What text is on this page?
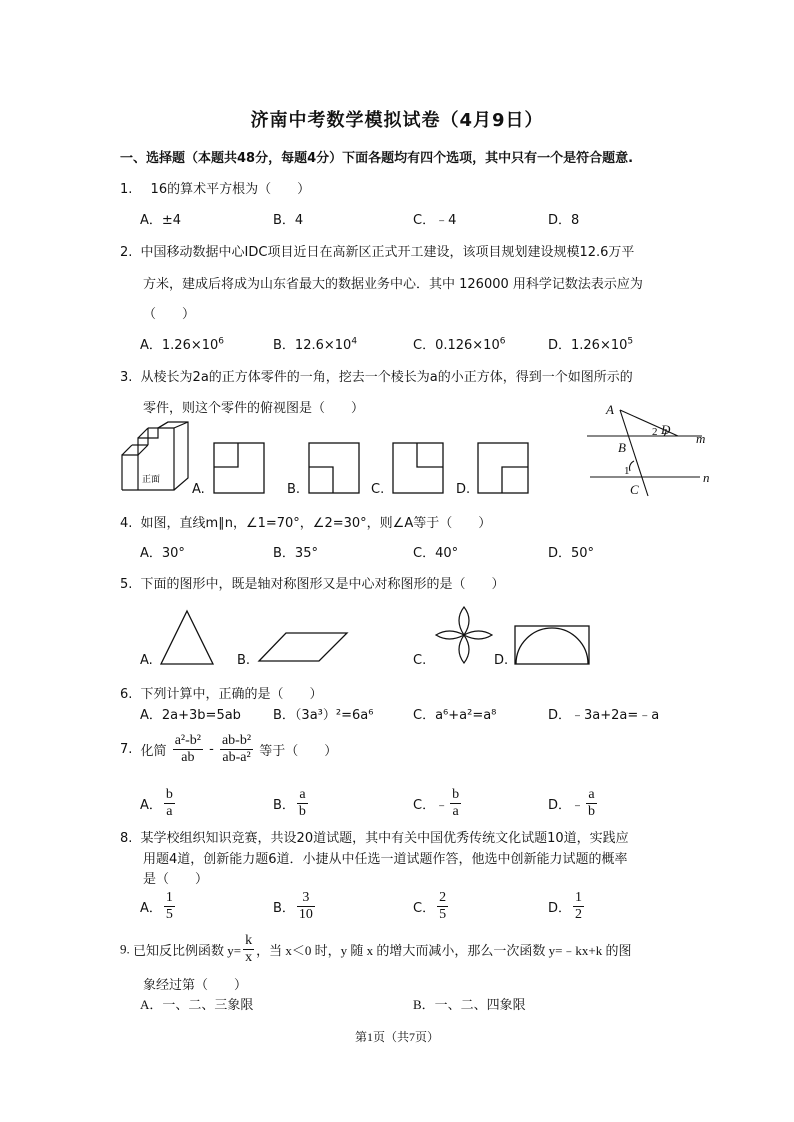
济南中考数学模拟试卷（4月9日）
一、选择题（本题共48分，每题4分）下面各题均有四个选项，其中只有一个是符合题意.
1. 16的算术平方根为（　　）
A．±4	B．4	C．﹣4	D．8
2. 中国移动数据中心IDC项目近日在高新区正式开工建设，该项目规划建设规模12.6万平
方米，建成后将成为山东省最大的数据业务中心．其中 126000 用科学记数法表示应为
（　　）
A．$1.26\times 10^6$	B．$12.6\times 10^4$	C．$0.126\times 10^6$	D．$1.26\times 10^5$
3. 从棱长为2a的正方体零件的一角，挖去一个棱长为a的小正方体，得到一个如图所示的
零件，则这个零件的俯视图是（　　）
正面
A.	B.	C.	D.
A
B
C
D
m
n
1
2
4. 如图，直线m∥n，∠1=70°，∠2=30°，则∠A等于（　　）
A．30°	B．35°	C．40°	D．50°
5. 下面的图形中，既是轴对称图形又是中心对称图形的是（　　）
A.	B.	C.	D.
6. 下列计算中，正确的是（　　）
A．2a+3b=5ab B．（3a³）²=6a⁶	C．a⁶+a²=a⁸	D．﹣3a+2a=﹣a
7. 化简 $\frac{\text{a²-b²}}{ab} - \frac{\text{ab-b²}}{\text{ab-a²}}$ 等于（　　）
A． $\frac{b}{a}$	B． $\frac{a}{b}$	C．﹣ $\frac{b}{a}$	D．﹣ $\frac{a}{b}$
8. 某学校组织知识竞赛，共设20道试题，其中有关中国优秀传统文化试题10道，实践应
用题4道，创新能力题6道．小捷从中任选一道试题作答，他选中创新能力试题的概率
是（　　）
A． $\frac{1}{5}$	B． $\frac{3}{10}$	C． $\frac{2}{5}$	D． $\frac{1}{2}$
9. 已知反比例函数 $y= \frac{k}{x}$ ，当 x＜0 时，y 随 x 的增大而减小，那么一次函数 y=﹣kx+k 的图
象经过第（　　）
A．一、二、三象限	B．一、二、四象限
第1页（共7页）
